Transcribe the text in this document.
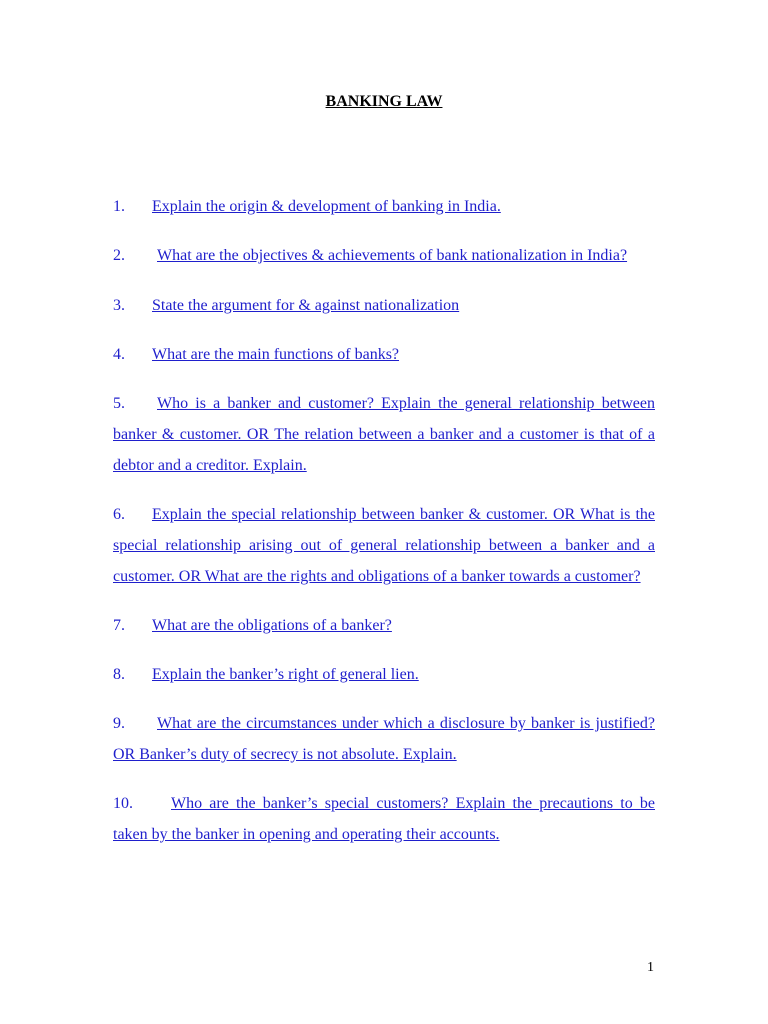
BANKING LAW
1. Explain the origin & development of banking in India.
2. What are the objectives & achievements of bank nationalization in India?
3. State the argument for & against nationalization
4. What are the main functions of banks?
5. Who is a banker and customer? Explain the general relationship between banker & customer. OR The relation between a banker and a customer is that of a debtor and a creditor. Explain.
6. Explain the special relationship between banker & customer. OR What is the special relationship arising out of general relationship between a banker and a customer. OR What are the rights and obligations of a banker towards a customer?
7. What are the obligations of a banker?
8. Explain the banker’s right of general lien.
9. What are the circumstances under which a disclosure by banker is justified? OR Banker’s duty of secrecy is not absolute. Explain.
10. Who are the banker’s special customers? Explain the precautions to be taken by the banker in opening and operating their accounts.
1
